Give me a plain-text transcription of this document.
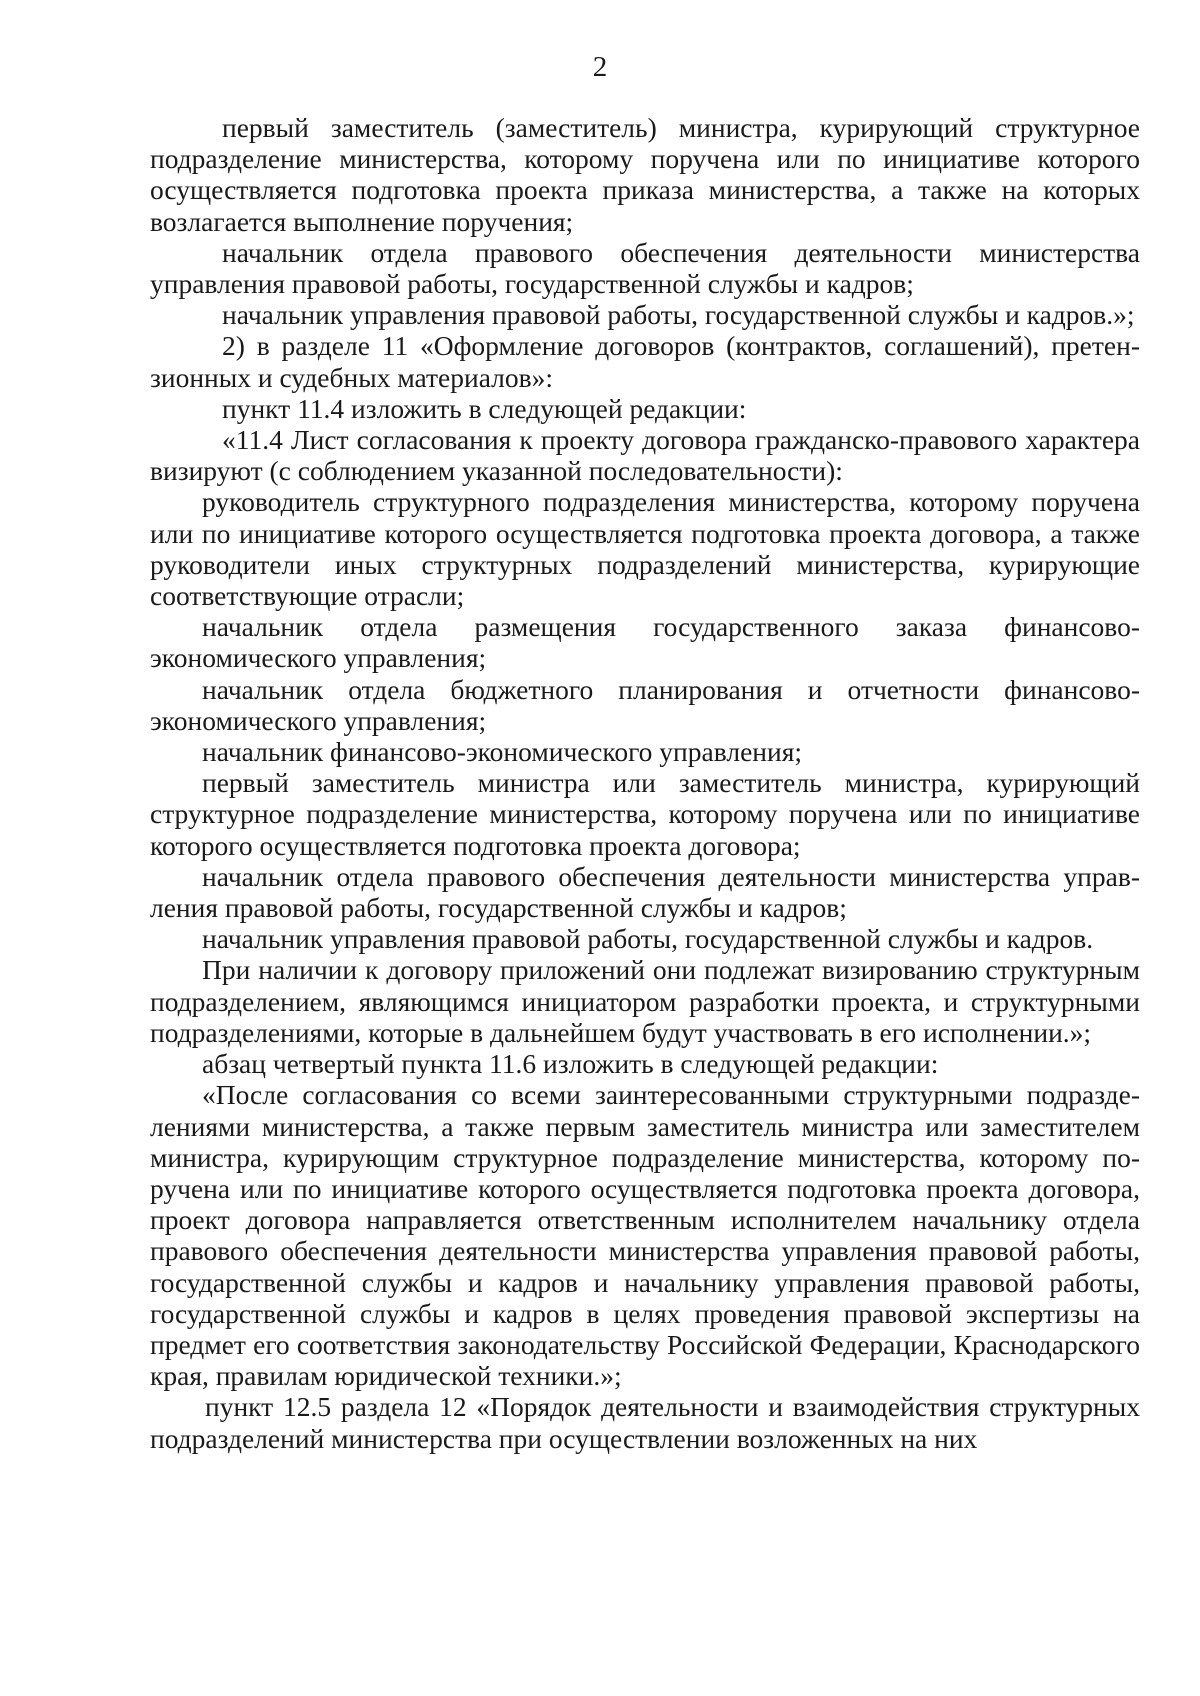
2

первый заместитель (заместитель) министра, курирующий структурное подразделение министерства, которому поручена или по инициативе которого осуществляется подготовка проекта приказа министерства, а также на которых возлагается выполнение поручения;

начальник отдела правового обеспечения деятельности министерства управления правовой работы, государственной службы и кадров;

начальник управления правовой работы, государственной службы и кадров.»;

2) в разделе 11 «Оформление договоров (контрактов, соглашений), претензионных и судебных материалов»:

пункт 11.4 изложить в следующей редакции:

«11.4 Лист согласования к проекту договора гражданско-правового характера визируют (с соблюдением указанной последовательности):

руководитель структурного подразделения министерства, которому поручена или по инициативе которого осуществляется подготовка проекта договора, а также руководители иных структурных подразделений министерства, курирующие соответствующие отрасли;

начальник отдела размещения государственного заказа финансово-экономического управления;

начальник отдела бюджетного планирования и отчетности финансово-экономического управления;

начальник финансово-экономического управления;

первый заместитель министра или заместитель министра, курирующий структурное подразделение министерства, которому поручена или по инициативе которого осуществляется подготовка проекта договора;

начальник отдела правового обеспечения деятельности министерства управления правовой работы, государственной службы и кадров;

начальник управления правовой работы, государственной службы и кадров.

При наличии к договору приложений они подлежат визированию структурным подразделением, являющимся инициатором разработки проекта, и структурными подразделениями, которые в дальнейшем будут участвовать в его исполнении.»;

абзац четвертый пункта 11.6 изложить в следующей редакции:

«После согласования со всеми заинтересованными структурными подразделениями министерства, а также первым заместитель министра или заместителем министра, курирующим структурное подразделение министерства, которому поручена или по инициативе которого осуществляется подготовка проекта договора, проект договора направляется ответственным исполнителем начальнику отдела правового обеспечения деятельности министерства управления правовой работы, государственной службы и кадров и начальнику управления правовой работы, государственной службы и кадров в целях проведения правовой экспертизы на предмет его соответствия законодательству Российской Федерации, Краснодарского края, правилам юридической техники.»;

пункт 12.5 раздела 12 «Порядок деятельности и взаимодействия структурных подразделений министерства при осуществлении возложенных на них
